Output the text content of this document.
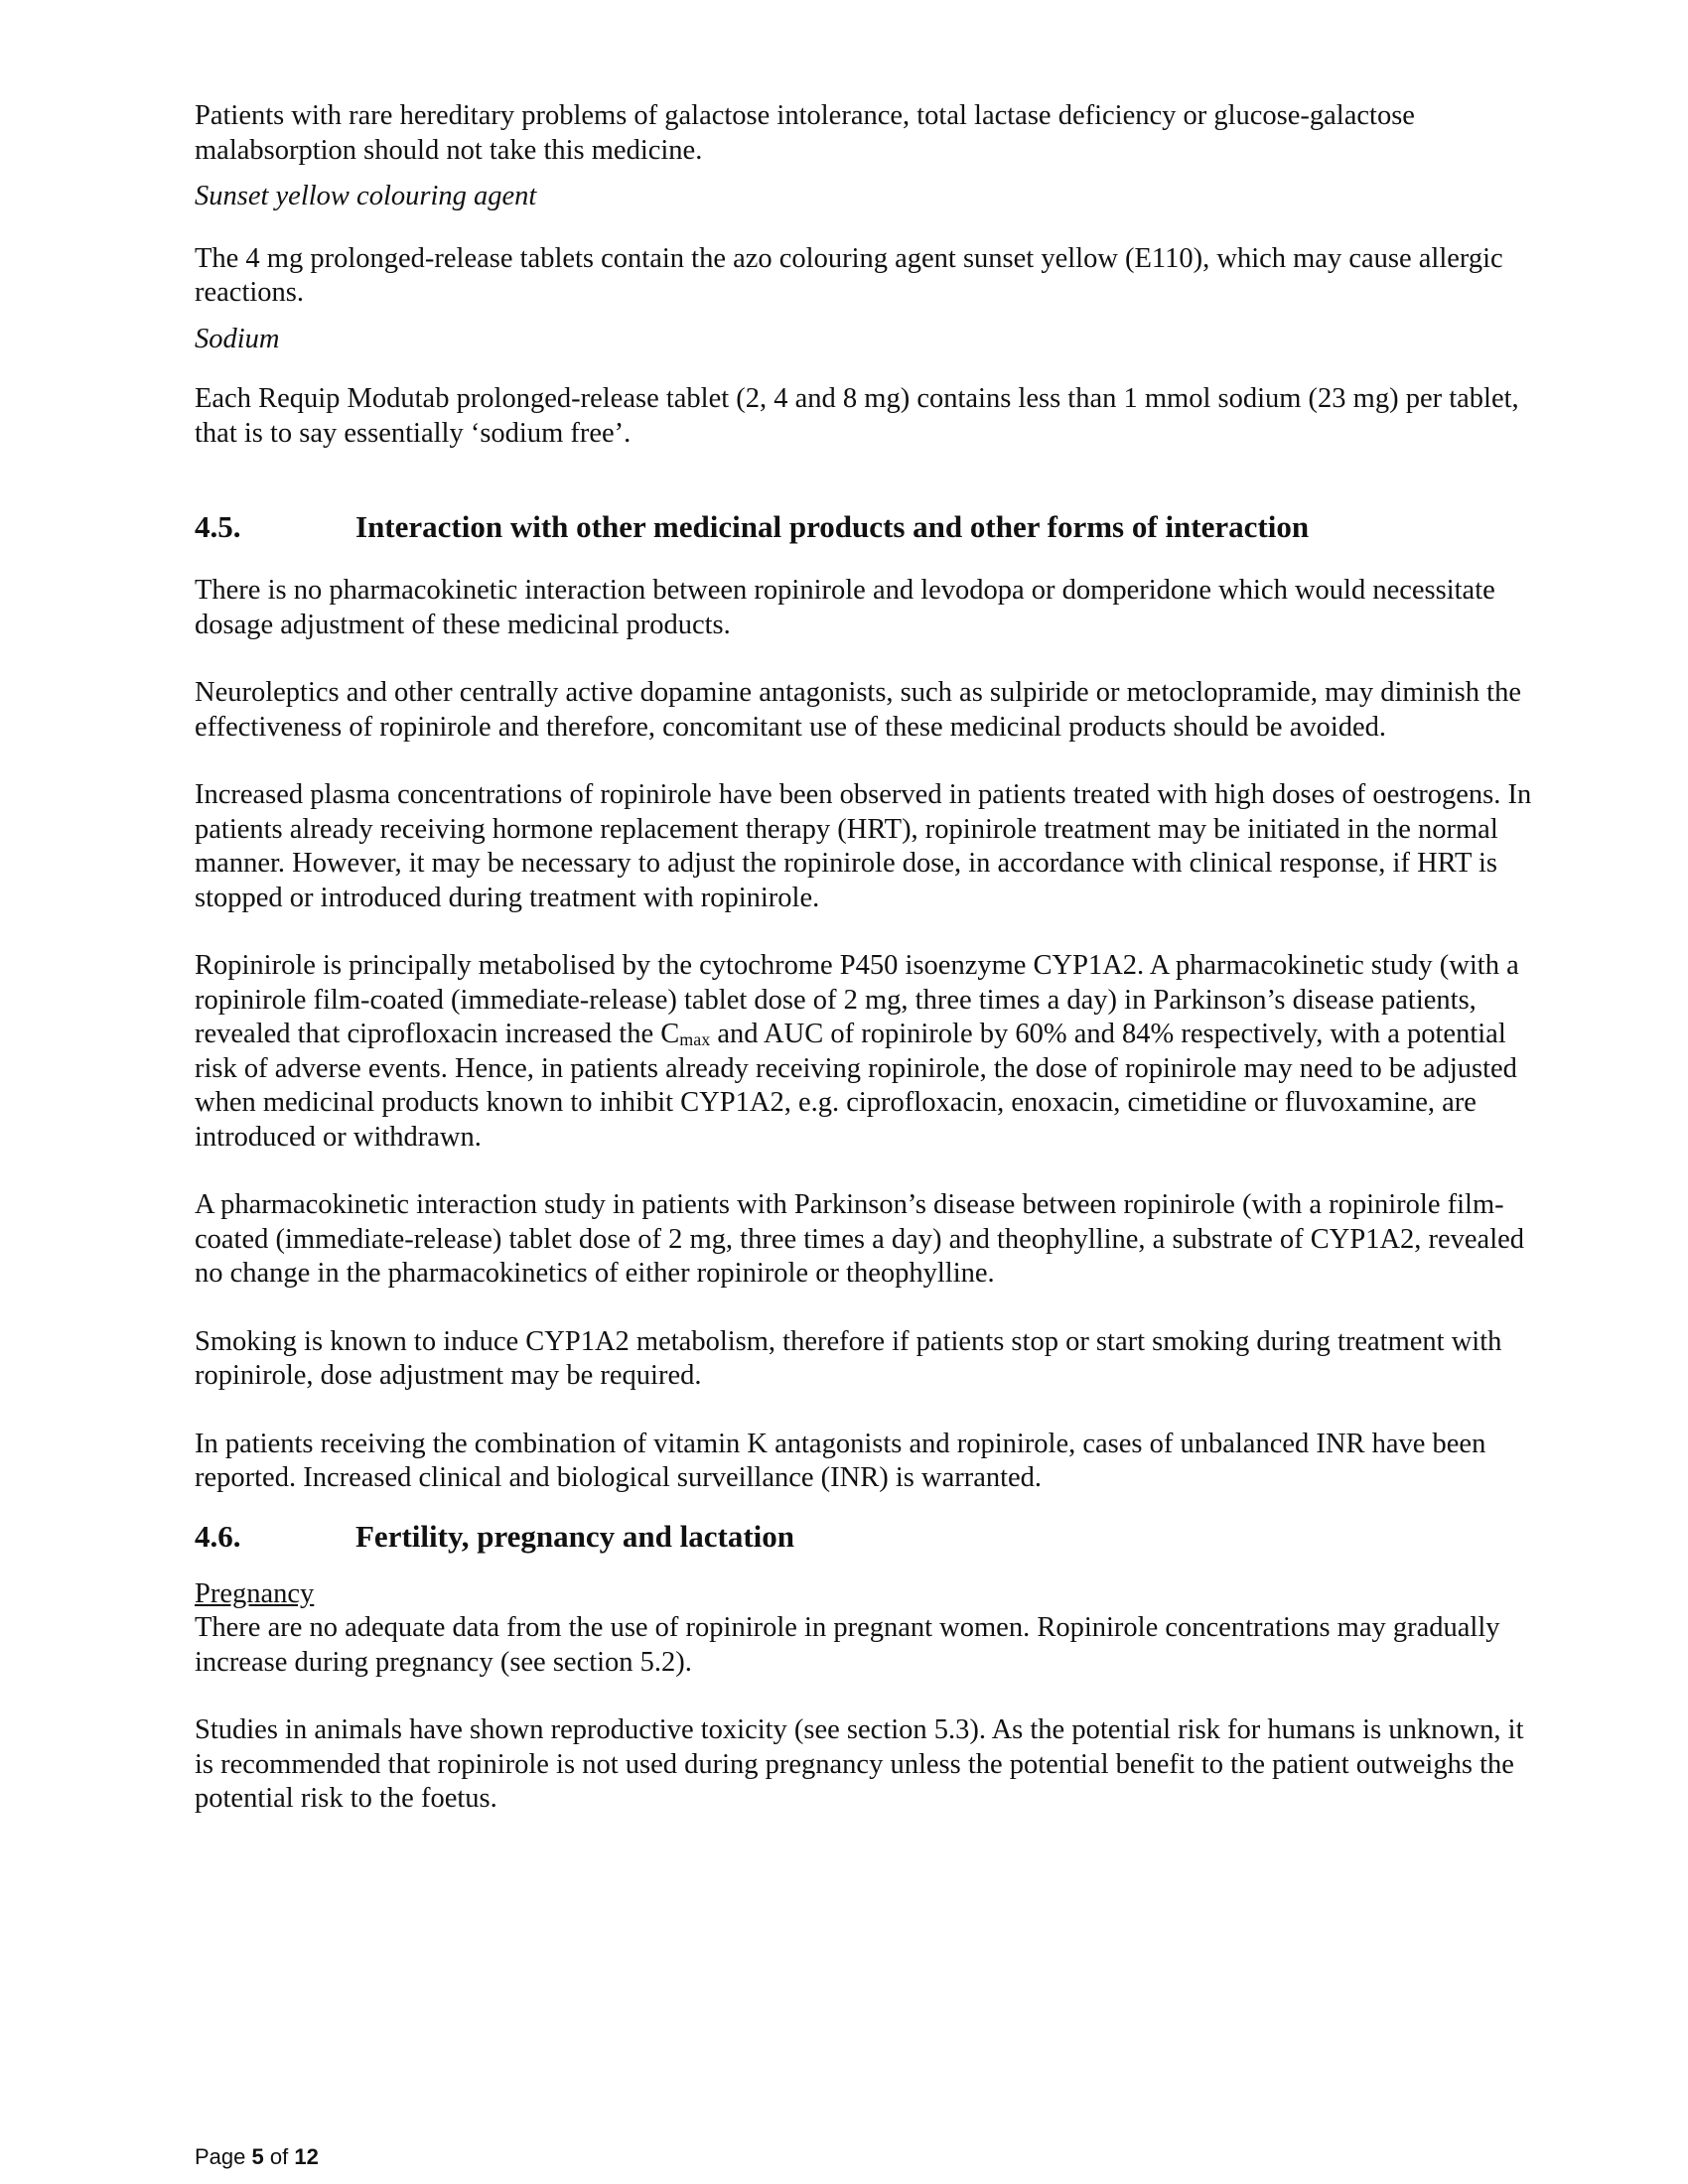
Patients with rare hereditary problems of galactose intolerance, total lactase deficiency or glucose-galactose malabsorption should not take this medicine.

Sunset yellow colouring agent

The 4 mg prolonged-release tablets contain the azo colouring agent sunset yellow (E110), which may cause allergic reactions.

Sodium

Each Requip Modutab prolonged-release tablet (2, 4 and 8 mg) contains less than 1 mmol sodium (23 mg) per tablet, that is to say essentially ‘sodium free’.

4.5.	Interaction with other medicinal products and other forms of interaction

There is no pharmacokinetic interaction between ropinirole and levodopa or domperidone which would necessitate dosage adjustment of these medicinal products.

Neuroleptics and other centrally active dopamine antagonists, such as sulpiride or metoclopramide, may diminish the effectiveness of ropinirole and therefore, concomitant use of these medicinal products should be avoided.

Increased plasma concentrations of ropinirole have been observed in patients treated with high doses of oestrogens. In patients already receiving hormone replacement therapy (HRT), ropinirole treatment may be initiated in the normal manner. However, it may be necessary to adjust the ropinirole dose, in accordance with clinical response, if HRT is stopped or introduced during treatment with ropinirole.

Ropinirole is principally metabolised by the cytochrome P450 isoenzyme CYP1A2. A pharmacokinetic study (with a ropinirole film-coated (immediate-release) tablet dose of 2 mg, three times a day) in Parkinson’s disease patients, revealed that ciprofloxacin increased the $C_{max}$ and AUC of ropinirole by 60% and 84% respectively, with a potential risk of adverse events. Hence, in patients already receiving ropinirole, the dose of ropinirole may need to be adjusted when medicinal products known to inhibit CYP1A2, e.g. ciprofloxacin, enoxacin, cimetidine or fluvoxamine, are introduced or withdrawn.

A pharmacokinetic interaction study in patients with Parkinson’s disease between ropinirole (with a ropinirole film-coated (immediate-release) tablet dose of 2 mg, three times a day) and theophylline, a substrate of CYP1A2, revealed no change in the pharmacokinetics of either ropinirole or theophylline.

Smoking is known to induce CYP1A2 metabolism, therefore if patients stop or start smoking during treatment with ropinirole, dose adjustment may be required.

In patients receiving the combination of vitamin K antagonists and ropinirole, cases of unbalanced INR have been reported. Increased clinical and biological surveillance (INR) is warranted.

4.6.	Fertility, pregnancy and lactation

Pregnancy

There are no adequate data from the use of ropinirole in pregnant women. Ropinirole concentrations may gradually increase during pregnancy (see section 5.2).

Studies in animals have shown reproductive toxicity (see section 5.3). As the potential risk for humans is unknown, it is recommended that ropinirole is not used during pregnancy unless the potential benefit to the patient outweighs the potential risk to the foetus.

Page 5 of 12
